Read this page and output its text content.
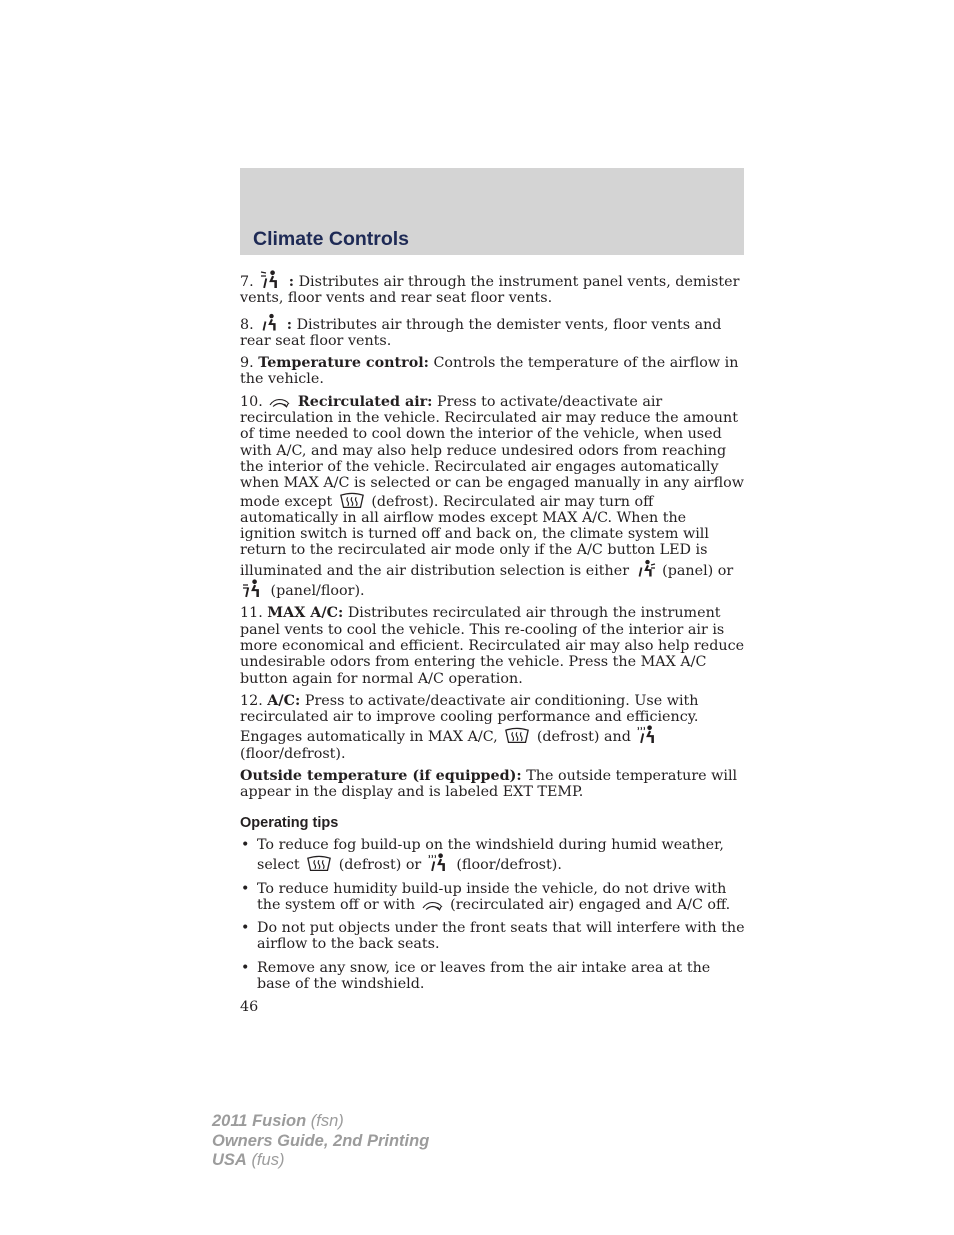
Climate Controls

7. : Distributes air through the instrument panel vents, demister vents, floor vents and rear seat floor vents.

8. : Distributes air through the demister vents, floor vents and rear seat floor vents.

9. Temperature control: Controls the temperature of the airflow in the vehicle.

10. Recirculated air: Press to activate/deactivate air recirculation in the vehicle. Recirculated air may reduce the amount of time needed to cool down the interior of the vehicle, when used with A/C, and may also help reduce undesired odors from reaching the interior of the vehicle. Recirculated air engages automatically when MAX A/C is selected or can be engaged manually in any airflow mode except	(defrost). Recirculated air may turn off automatically in all airflow modes except MAX A/C. When the ignition switch is turned off and back on, the climate system will return to the recirculated air mode only if the A/C button LED is illuminated and the air distribution selection is either (panel) or
(panel/floor).

11. MAX A/C: Distributes recirculated air through the instrument panel vents to cool the vehicle. This re-cooling of the interior air is more economical and efficient. Recirculated air may also help reduce undesirable odors from entering the vehicle. Press the MAX A/C button again for normal A/C operation.

12. A/C: Press to activate/deactivate air conditioning. Use with recirculated air to improve cooling performance and efficiency. Engages automatically in MAX A/C,	(defrost) and
(floor/defrost).

Outside temperature (if equipped): The outside temperature will appear in the display and is labeled EXT TEMP.

Operating tips
• To reduce fog build-up on the windshield during humid weather, select	(defrost) or (floor/defrost).
• To reduce humidity build-up inside the vehicle, do not drive with the system off or with (recirculated air) engaged and A/C off.
• Do not put objects under the front seats that will interfere with the airflow to the back seats.
• Remove any snow, ice or leaves from the air intake area at the base of the windshield.
46
2011 Fusion (fsn)
Owners Guide, 2nd Printing
USA (fus)
